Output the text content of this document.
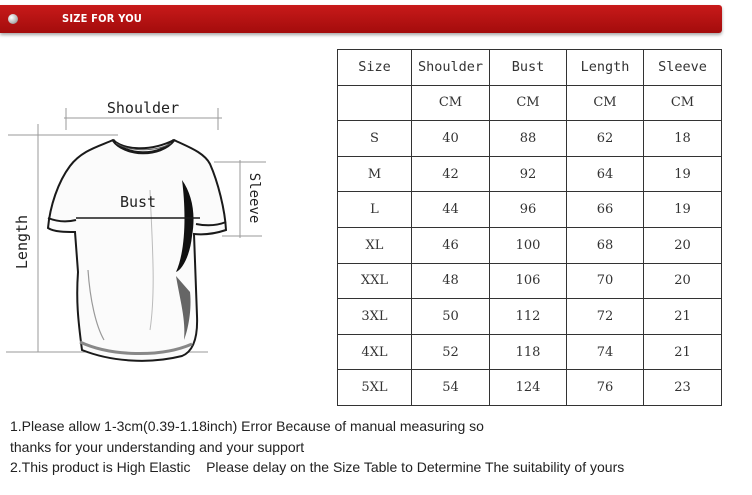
SIZE FOR YOU
Shoulder
Bust
Length
Sleeve
Size	Shoulder	Bust	Length	Sleeve
	CM	CM	CM	CM
S	40	88	62	18
M	42	92	64	19
L	44	96	66	19
XL	46	100	68	20
XXL	48	106	70	20
3XL	50	112	72	21
4XL	52	118	74	21
5XL	54	124	76	23
1.Please allow 1-3cm(0.39-1.18inch) Error Because of manual measuring so
thanks for your understanding and your support
2.This product is High Elastic    Please delay on the Size Table to Determine The suitability of yours
